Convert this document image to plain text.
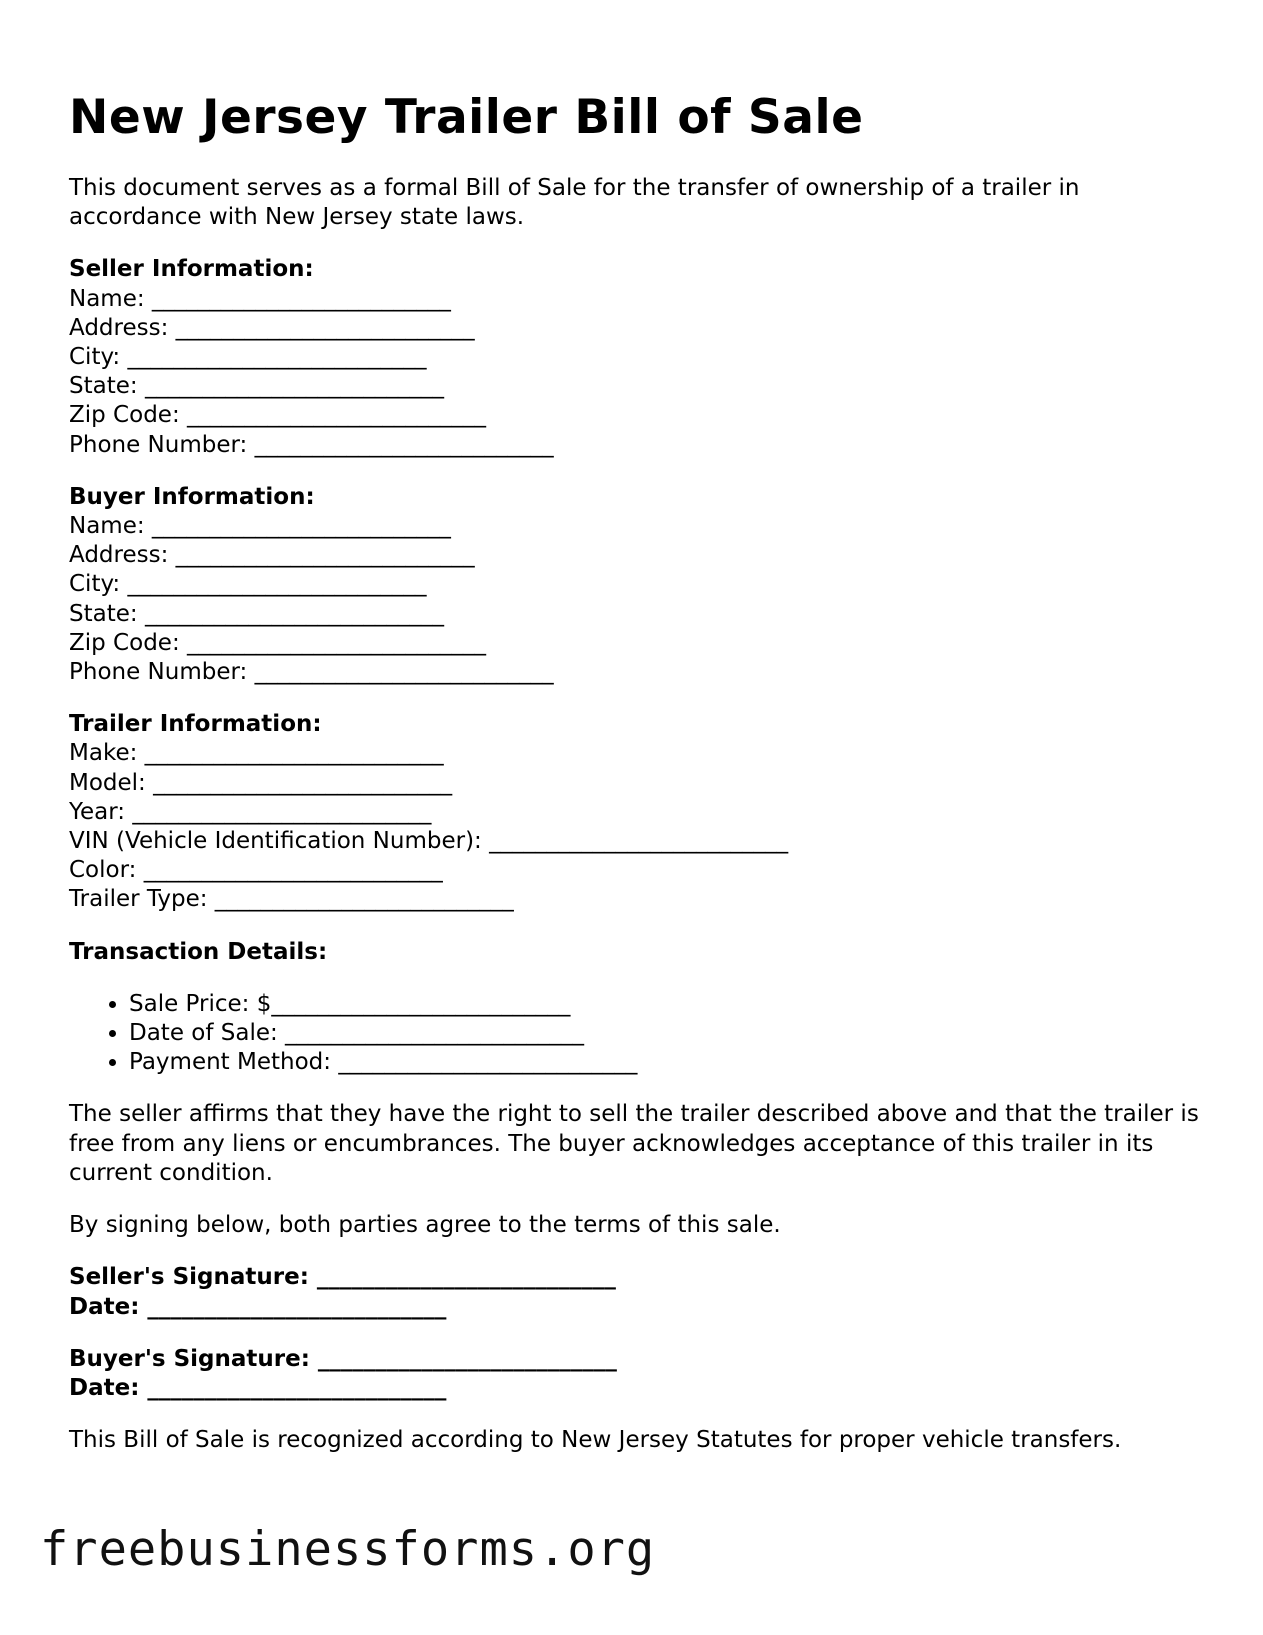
New Jersey Trailer Bill of Sale

This document serves as a formal Bill of Sale for the transfer of ownership of a trailer in accordance with New Jersey state laws.

Seller Information:
Name: __________________________
Address: __________________________
City: __________________________
State: __________________________
Zip Code: __________________________
Phone Number: __________________________
Buyer Information:
Name: __________________________
Address: __________________________
City: __________________________
State: __________________________
Zip Code: __________________________
Phone Number: __________________________
Trailer Information:
Make: __________________________
Model: __________________________
Year: __________________________
VIN (Vehicle Identification Number): __________________________
Color: __________________________
Trailer Type: __________________________
Transaction Details:
• Sale Price: $__________________________
• Date of Sale: __________________________
• Payment Method: __________________________

The seller affirms that they have the right to sell the trailer described above and that the trailer is free from any liens or encumbrances. The buyer acknowledges acceptance of this trailer in its current condition.

By signing below, both parties agree to the terms of this sale.

Seller's Signature: __________________________
Date: __________________________
Buyer's Signature: __________________________
Date: __________________________

This Bill of Sale is recognized according to New Jersey Statutes for proper vehicle transfers.

freebusinessforms.org
